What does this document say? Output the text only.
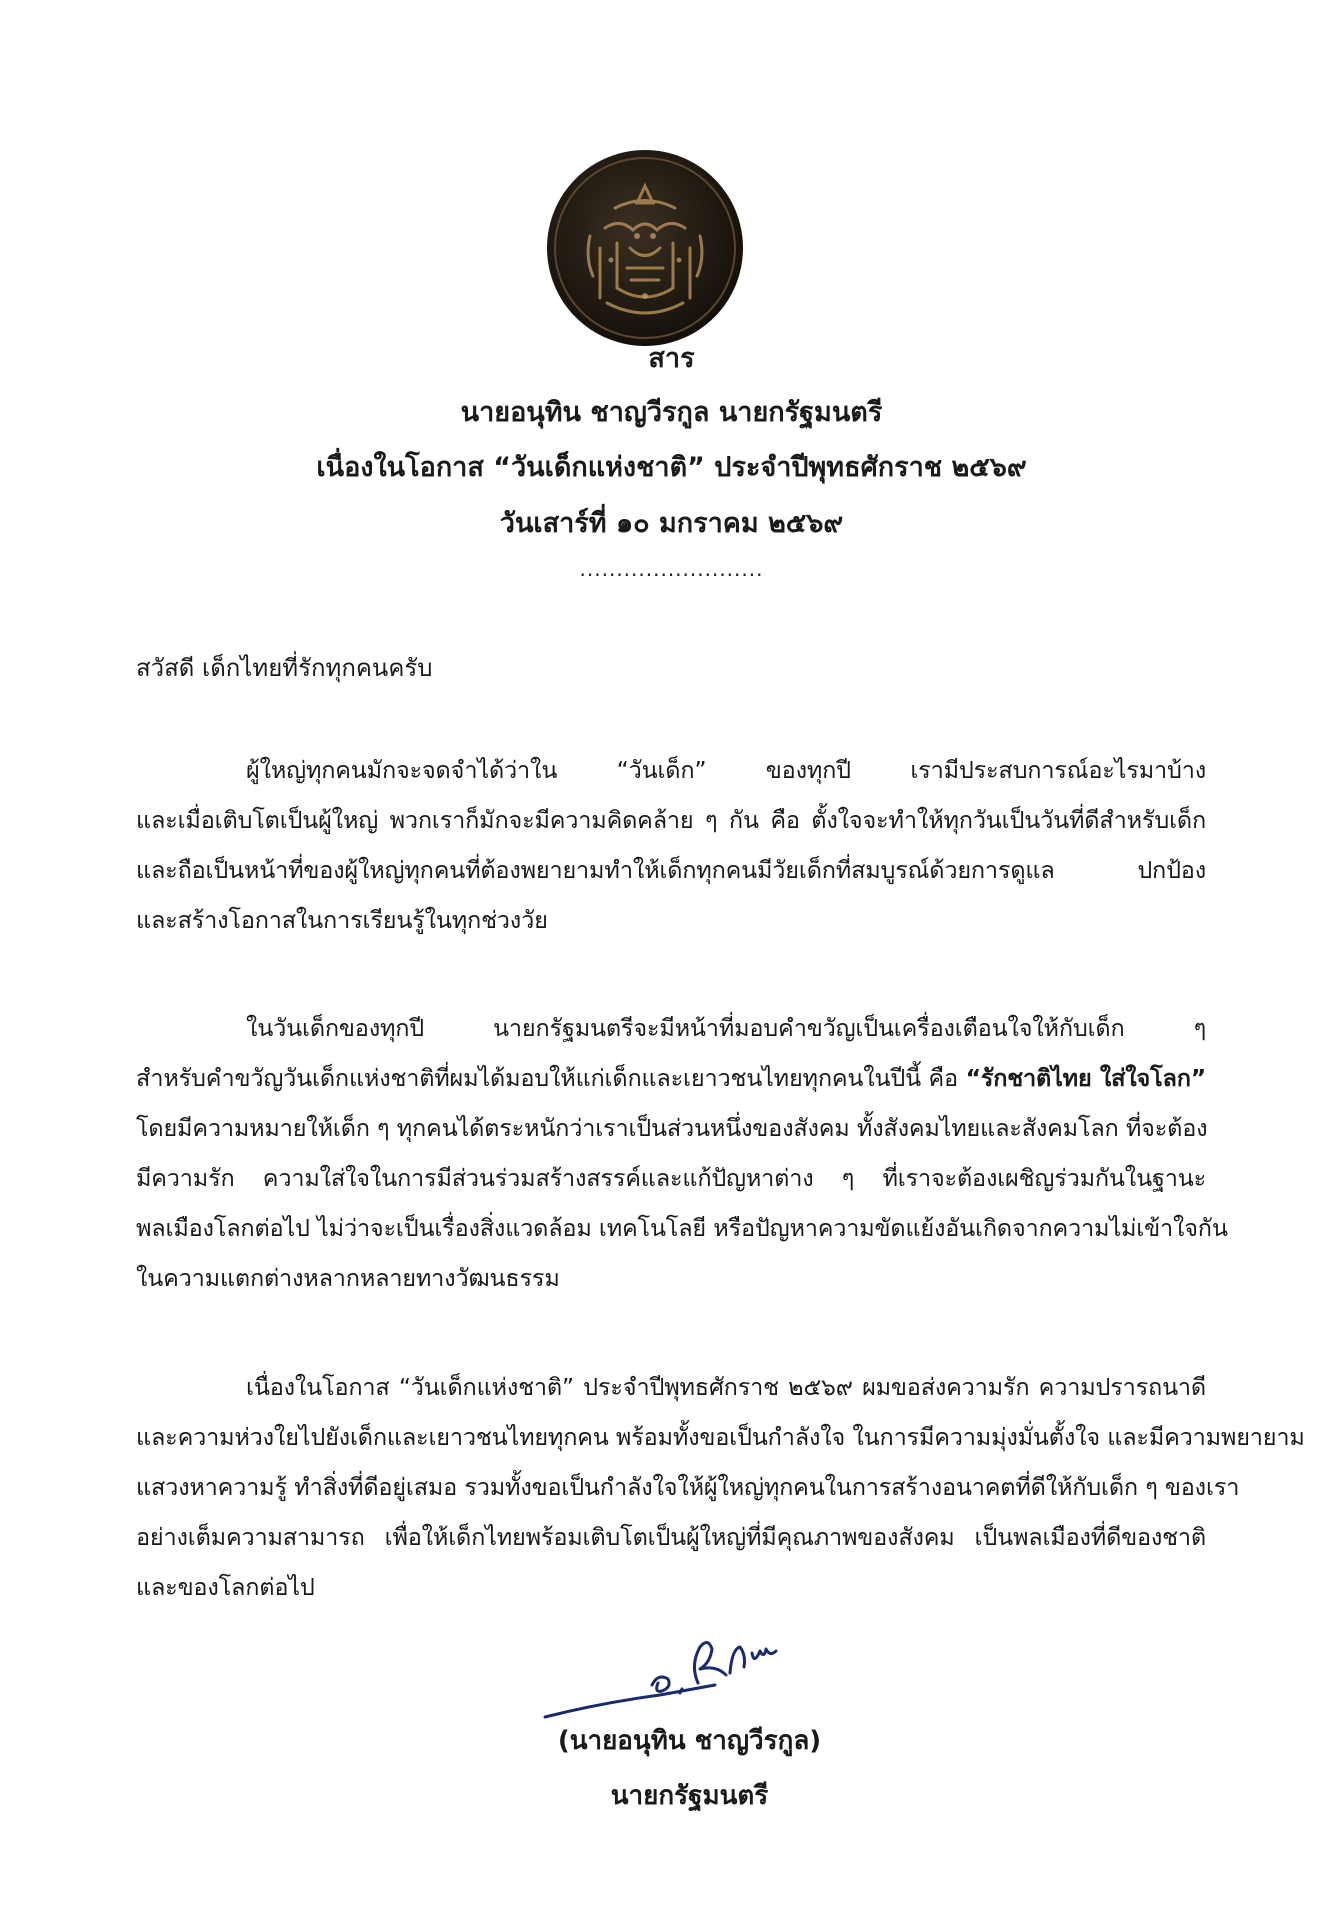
สาร
นายอนุทิน ชาญวีรกูล นายกรัฐมนตรี
เนื่องในโอกาส “วันเด็กแห่งชาติ” ประจำปีพุทธศักราช ๒๕๖๙
วันเสาร์ที่ ๑๐ มกราคม ๒๕๖๙
.........................
สวัสดี เด็กไทยที่รักทุกคนครับ
ผู้ใหญ่ทุกคนมักจะจดจำได้ว่าใน “วันเด็ก” ของทุกปี เรามีประสบการณ์อะไรมาบ้าง
และเมื่อเติบโตเป็นผู้ใหญ่ พวกเราก็มักจะมีความคิดคล้าย ๆ กัน คือ ตั้งใจจะทำให้ทุกวันเป็นวันที่ดีสำหรับเด็ก
และถือเป็นหน้าที่ของผู้ใหญ่ทุกคนที่ต้องพยายามทำให้เด็กทุกคนมีวัยเด็กที่สมบูรณ์ด้วยการดูแล ปกป้อง
และสร้างโอกาสในการเรียนรู้ในทุกช่วงวัย
ในวันเด็กของทุกปี นายกรัฐมนตรีจะมีหน้าที่มอบคำขวัญเป็นเครื่องเตือนใจให้กับเด็ก ๆ
สำหรับคำขวัญวันเด็กแห่งชาติที่ผมได้มอบให้แก่เด็กและเยาวชนไทยทุกคนในปีนี้ คือ “รักชาติไทย ใส่ใจโลก”
โดยมีความหมายให้เด็ก ๆ ทุกคนได้ตระหนักว่าเราเป็นส่วนหนึ่งของสังคม ทั้งสังคมไทยและสังคมโลก ที่จะต้อง
มีความรัก ความใส่ใจในการมีส่วนร่วมสร้างสรรค์และแก้ปัญหาต่าง ๆ ที่เราจะต้องเผชิญร่วมกันในฐานะ
พลเมืองโลกต่อไป ไม่ว่าจะเป็นเรื่องสิ่งแวดล้อม เทคโนโลยี หรือปัญหาความขัดแย้งอันเกิดจากความไม่เข้าใจกัน
ในความแตกต่างหลากหลายทางวัฒนธรรม
เนื่องในโอกาส “วันเด็กแห่งชาติ” ประจำปีพุทธศักราช ๒๕๖๙ ผมขอส่งความรัก ความปรารถนาดี
และความห่วงใยไปยังเด็กและเยาวชนไทยทุกคน พร้อมทั้งขอเป็นกำลังใจ ในการมีความมุ่งมั่นตั้งใจ และมีความพยายาม
แสวงหาความรู้ ทำสิ่งที่ดีอยู่เสมอ รวมทั้งขอเป็นกำลังใจให้ผู้ใหญ่ทุกคนในการสร้างอนาคตที่ดีให้กับเด็ก ๆ ของเรา
อย่างเต็มความสามารถ เพื่อให้เด็กไทยพร้อมเติบโตเป็นผู้ใหญ่ที่มีคุณภาพของสังคม เป็นพลเมืองที่ดีของชาติ
และของโลกต่อไป
(นายอนุทิน ชาญวีรกูล)
นายกรัฐมนตรี
